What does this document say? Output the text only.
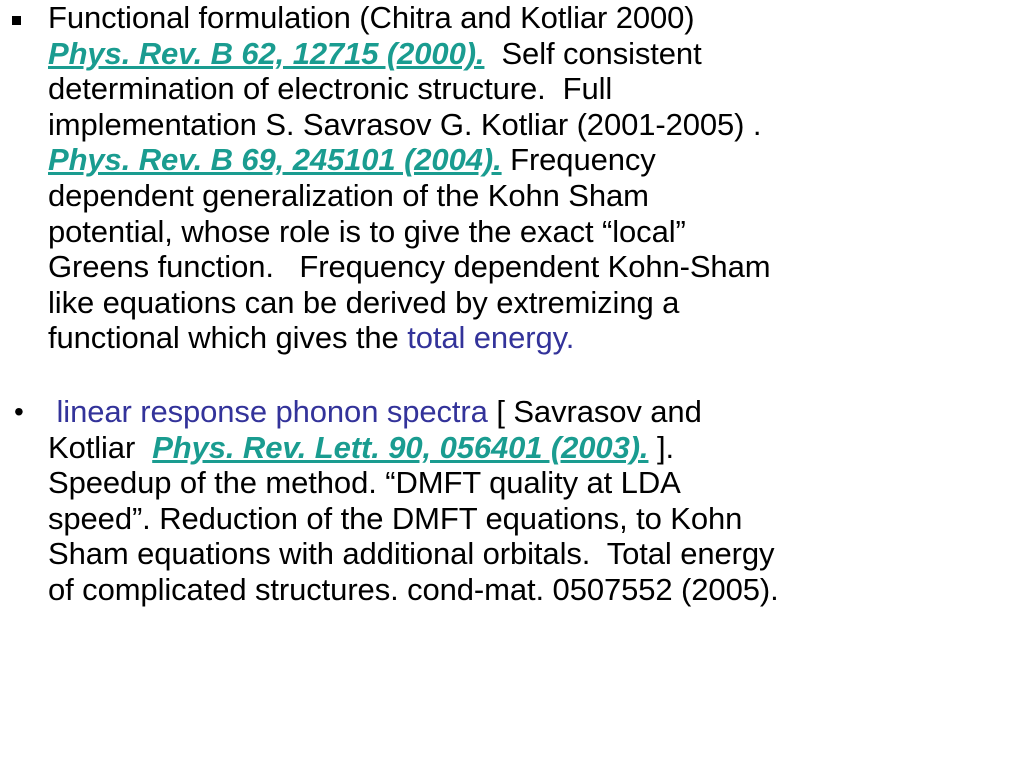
Functional formulation (Chitra and Kotliar 2000)
Phys. Rev. B 62, 12715 (2000).  Self consistent
determination of electronic structure.  Full
implementation S. Savrasov G. Kotliar (2001-2005) .
Phys. Rev. B 69, 245101 (2004). Frequency
dependent generalization of the Kohn Sham
potential, whose role is to give the exact “local”
Greens function.   Frequency dependent Kohn-Sham
like equations can be derived by extremizing a
functional which gives the total energy.
• linear response phonon spectra [ Savrasov and
Kotliar  Phys. Rev. Lett. 90, 056401 (2003). ].
Speedup of the method. “DMFT quality at LDA
speed”. Reduction of the DMFT equations, to Kohn
Sham equations with additional orbitals.  Total energy
of complicated structures. cond-mat. 0507552 (2005).
